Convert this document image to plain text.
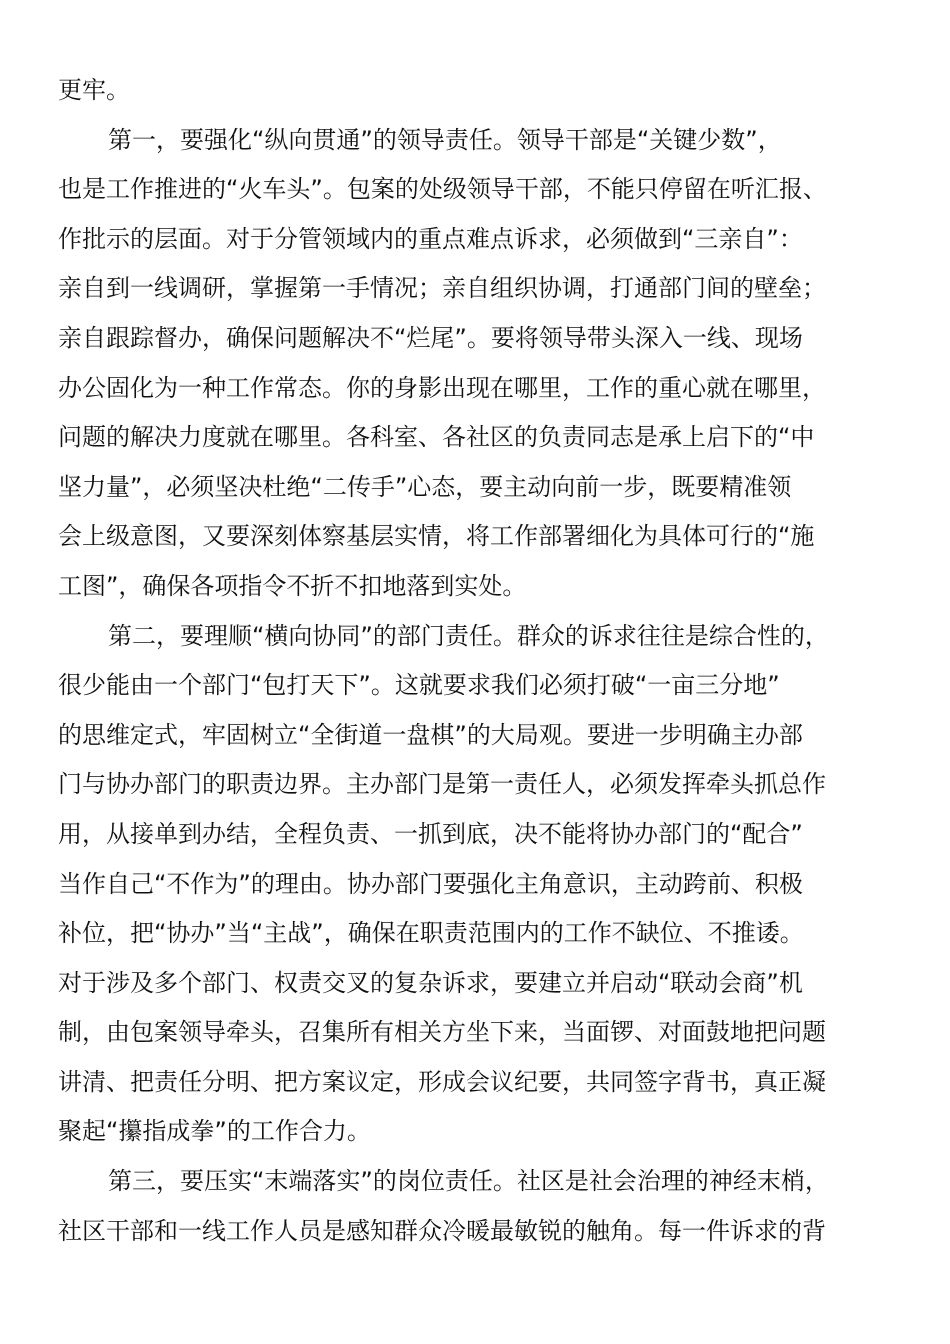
更牢。
第一，要强化“纵向贯通”的领导责任。领导干部是“关键少数”，
也是工作推进的“火车头”。包案的处级领导干部，不能只停留在听汇报、
作批示的层面。对于分管领域内的重点难点诉求，必须做到“三亲自”：
亲自到一线调研，掌握第一手情况；亲自组织协调，打通部门间的壁垒；
亲自跟踪督办，确保问题解决不“烂尾”。要将领导带头深入一线、现场
办公固化为一种工作常态。你的身影出现在哪里，工作的重心就在哪里，
问题的解决力度就在哪里。各科室、各社区的负责同志是承上启下的“中
坚力量”，必须坚决杜绝“二传手”心态，要主动向前一步，既要精准领
会上级意图，又要深刻体察基层实情，将工作部署细化为具体可行的“施
工图”，确保各项指令不折不扣地落到实处。
第二，要理顺“横向协同”的部门责任。群众的诉求往往是综合性的，
很少能由一个部门“包打天下”。这就要求我们必须打破“一亩三分地”
的思维定式，牢固树立“全街道一盘棋”的大局观。要进一步明确主办部
门与协办部门的职责边界。主办部门是第一责任人，必须发挥牵头抓总作
用，从接单到办结，全程负责、一抓到底，决不能将协办部门的“配合”
当作自己“不作为”的理由。协办部门要强化主角意识，主动跨前、积极
补位，把“协办”当“主战”，确保在职责范围内的工作不缺位、不推诿。
对于涉及多个部门、权责交叉的复杂诉求，要建立并启动“联动会商”机
制，由包案领导牵头，召集所有相关方坐下来，当面锣、对面鼓地把问题
讲清、把责任分明、把方案议定，形成会议纪要，共同签字背书，真正凝
聚起“攥指成拳”的工作合力。
第三，要压实“末端落实”的岗位责任。社区是社会治理的神经末梢，
社区干部和一线工作人员是感知群众冷暖最敏锐的触角。每一件诉求的背
